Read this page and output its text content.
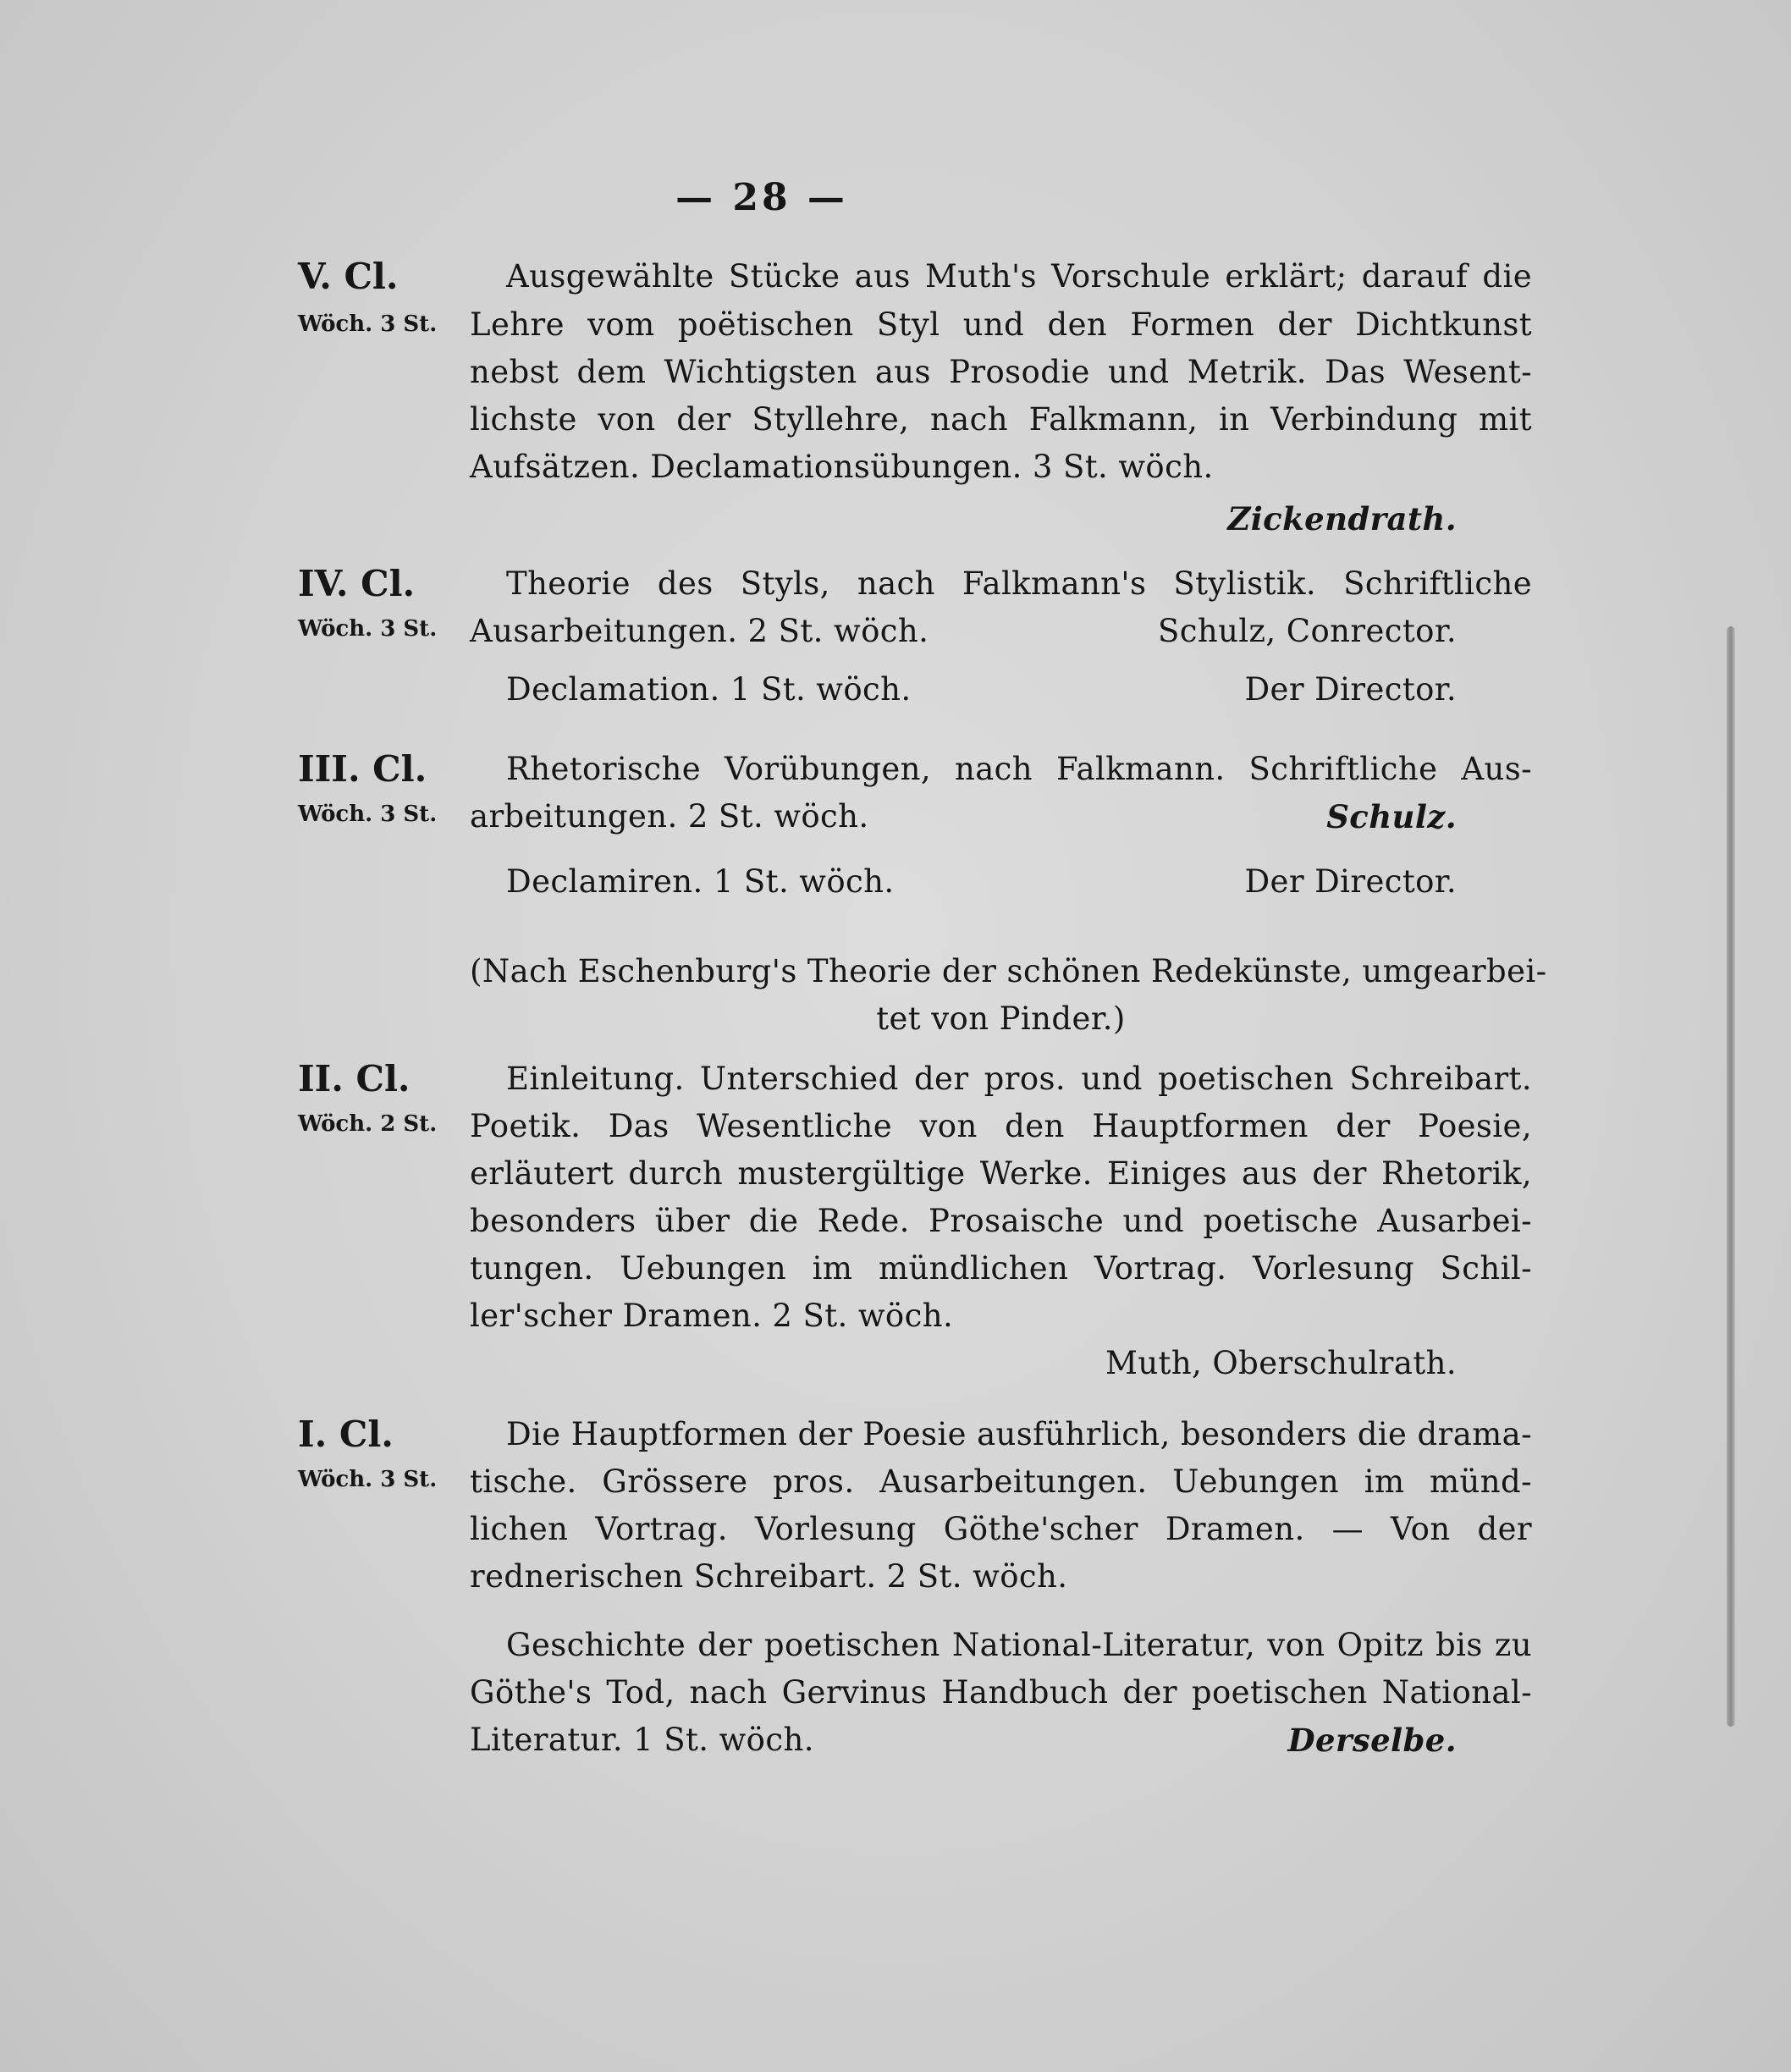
— 28 —
V. Cl.
Wöch. 3 St.
Ausgewählte Stücke aus Muth's Vorschule erklärt; darauf die
Lehre vom poëtischen Styl und den Formen der Dichtkunst
nebst dem Wichtigsten aus Prosodie und Metrik. Das Wesent-
lichste von der Styllehre, nach Falkmann, in Verbindung mit
Aufsätzen. Declamationsübungen. 3 St. wöch.
Zickendrath.
IV. Cl.
Wöch. 3 St.
Theorie des Styls, nach Falkmann's Stylistik. Schriftliche
Ausarbeitungen. 2 St. wöch.	Schulz, Conrector.
Declamation. 1 St. wöch.	Der Director.
III. Cl.
Wöch. 3 St.
Rhetorische Vorübungen, nach Falkmann. Schriftliche Aus-
arbeitungen. 2 St. wöch.	Schulz.
Declamiren. 1 St. wöch.	Der Director.
(Nach Eschenburg's Theorie der schönen Redekünste, umgearbei-
tet von Pinder.)
II. Cl.
Wöch. 2 St.
Einleitung. Unterschied der pros. und poetischen Schreibart.
Poetik. Das Wesentliche von den Hauptformen der Poesie,
erläutert durch mustergültige Werke. Einiges aus der Rhetorik,
besonders über die Rede. Prosaische und poetische Ausarbei-
tungen. Uebungen im mündlichen Vortrag. Vorlesung Schil-
ler'scher Dramen. 2 St. wöch.
Muth, Oberschulrath.
I. Cl.
Wöch. 3 St.
Die Hauptformen der Poesie ausführlich, besonders die drama-
tische. Grössere pros. Ausarbeitungen. Uebungen im münd-
lichen Vortrag. Vorlesung Göthe'scher Dramen. — Von der
rednerischen Schreibart. 2 St. wöch.
Geschichte der poetischen National-Literatur, von Opitz bis zu
Göthe's Tod, nach Gervinus Handbuch der poetischen National-
Literatur. 1 St. wöch.	Derselbe.
